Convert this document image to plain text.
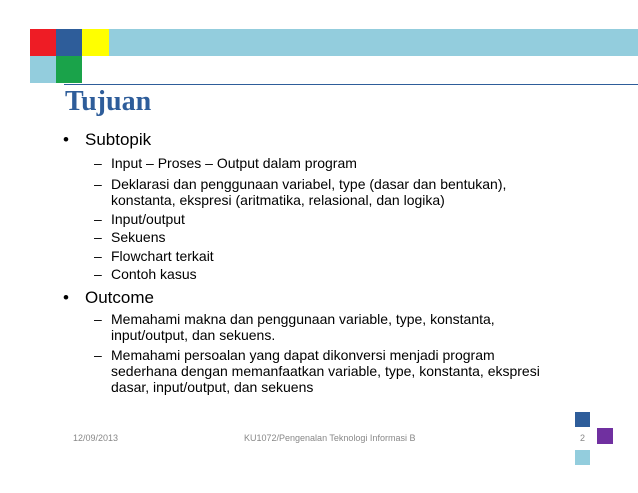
Tujuan
• Subtopik
– Input – Proses – Output dalam program
– Deklarasi dan penggunaan variabel, type (dasar dan bentukan),
konstanta, ekspresi (aritmatika, relasional, dan logika)
– Input/output
– Sekuens
– Flowchart terkait
– Contoh kasus
• Outcome
– Memahami makna dan penggunaan variable, type, konstanta,
input/output, dan sekuens.
– Memahami persoalan yang dapat dikonversi menjadi program
sederhana dengan memanfaatkan variable, type, konstanta, ekspresi
dasar, input/output, dan sekuens
12/09/2013	KU1072/Pengenalan Teknologi Informasi B	2
